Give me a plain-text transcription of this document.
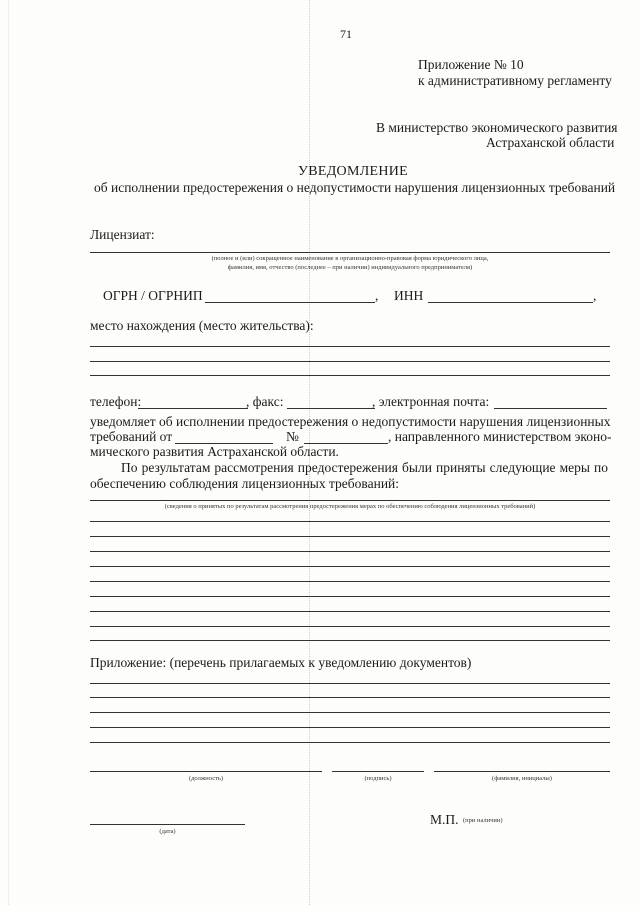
71
Приложение № 10
к административному регламенту
В министерство экономического развития
Астраханской области
УВЕДОМЛЕНИЕ
об исполнении предостережения о недопустимости нарушения лицензионных требований
Лицензиат:
(полное и (или) сокращенное наименование в организационно-правовая форма юридического лица,
фамилия, имя, отчество (последнее – при наличии) индивидуального предпринимателя)
ОГРН / ОГРНИП	, ИНН	,
место нахождения (место жительства):
телефон:	, факс:	, электронная почта:
уведомляет об исполнении предостережения о недопустимости нарушения лицензионных
требований от	№	, направленного министерством эконо-
мического развития Астраханской области.
По результатам рассмотрения предостережения были приняты следующие меры по
обеспечению соблюдения лицензионных требований:
(сведения о принятых по результатам рассмотрения предостережения мерах по обеспечению соблюдения лицензионных требований)
Приложение: (перечень прилагаемых к уведомлению документов)
(должность)	(подпись)	(фамилия, инициалы)
М.П. (при наличии)
(дата)
